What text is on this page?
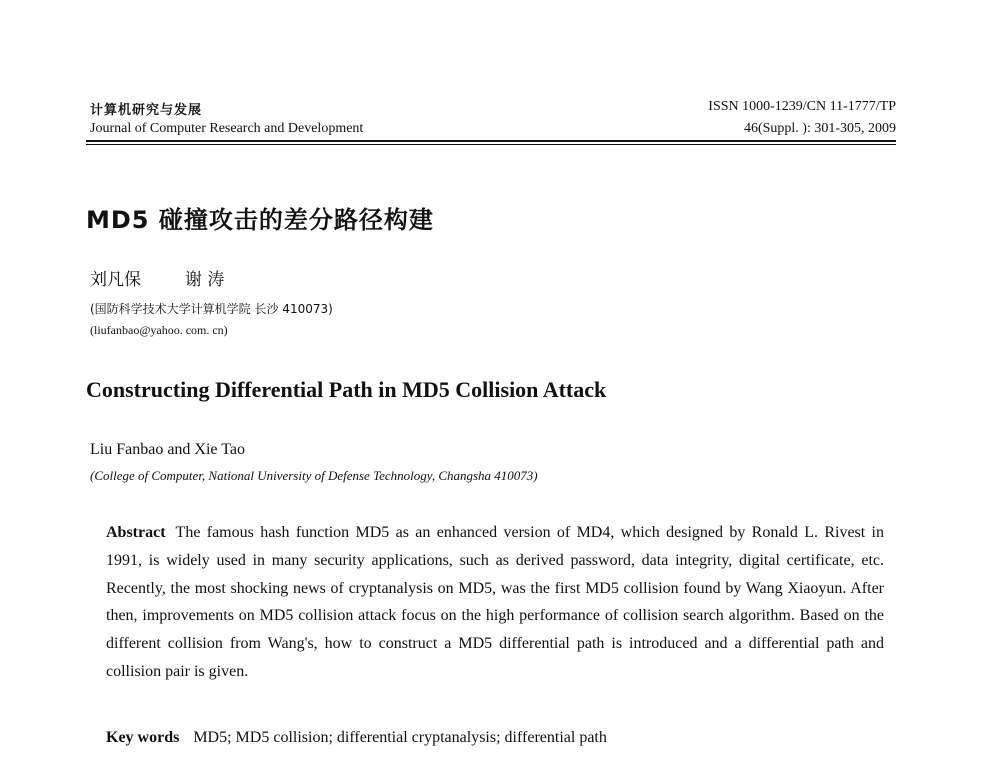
计算机研究与发展
Journal of Computer Research and Development
ISSN 1000-1239/CN 11-1777/TP
46(Suppl. ): 301-305, 2009
MD5 碰撞攻击的差分路径构建
刘凡保	谢 涛
(国防科学技术大学计算机学院 长沙 410073)
(liufanbao@yahoo. com. cn)
Constructing Differential Path in MD5 Collision Attack
Liu Fanbao and Xie Tao
(College of Computer, National University of Defense Technology, Changsha 410073)
Abstract The famous hash function MD5 as an enhanced version of MD4, which designed by Ronald L. Rivest in 1991, is widely used in many security applications, such as derived password, data integrity, digital certificate, etc. Recently, the most shocking news of cryptanalysis on MD5, was the first MD5 collision found by Wang Xiaoyun. After then, improvements on MD5 collision attack focus on the high performance of collision search algorithm. Based on the different collision from Wang's, how to construct a MD5 differential path is introduced and a differential path and collision pair is given.
Key words MD5; MD5 collision; differential cryptanalysis; differential path
